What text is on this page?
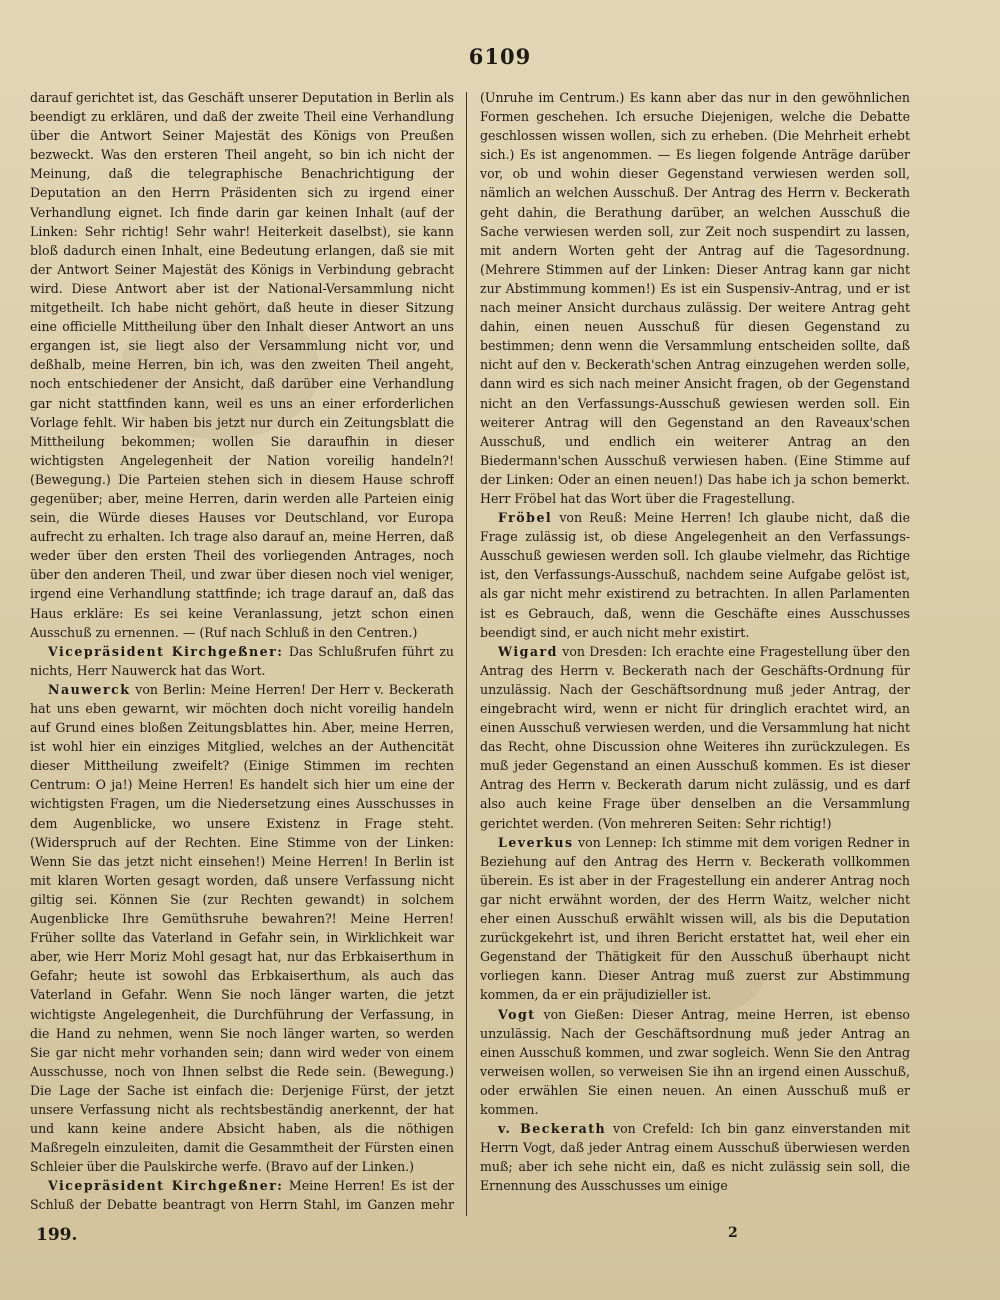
6109

darauf gerichtet ist, das Geschäft unserer Deputation in Berlin als beendigt zu erklären, und daß der zweite Theil eine Verhandlung über die Antwort Seiner Majestät des Königs von Preußen bezweckt. Was den ersteren Theil angeht, so bin ich nicht der Meinung, daß die telegraphische Benachrichtigung der Deputation an den Herrn Präsidenten sich zu irgend einer Verhandlung eignet. Ich finde darin gar keinen Inhalt (auf der Linken: Sehr richtig! Sehr wahr! Heiterkeit daselbst), sie kann bloß dadurch einen Inhalt, eine Bedeutung erlangen, daß sie mit der Antwort Seiner Majestät des Königs in Verbindung gebracht wird. Diese Antwort aber ist der National-Versammlung nicht mitgetheilt. Ich habe nicht gehört, daß heute in dieser Sitzung eine officielle Mittheilung über den Inhalt dieser Antwort an uns ergangen ist, sie liegt also der Versammlung nicht vor, und deßhalb, meine Herren, bin ich, was den zweiten Theil angeht, noch entschiedener der Ansicht, daß darüber eine Verhandlung gar nicht stattfinden kann, weil es uns an einer erforderlichen Vorlage fehlt. Wir haben bis jetzt nur durch ein Zeitungsblatt die Mittheilung bekommen; wollen Sie daraufhin in dieser wichtigsten Angelegenheit der Nation voreilig handeln?! (Bewegung.) Die Parteien stehen sich in diesem Hause schroff gegenüber; aber, meine Herren, darin werden alle Parteien einig sein, die Würde dieses Hauses vor Deutschland, vor Europa aufrecht zu erhalten. Ich trage also darauf an, meine Herren, daß weder über den ersten Theil des vorliegenden Antrages, noch über den anderen Theil, und zwar über diesen noch viel weniger, irgend eine Verhandlung stattfinde; ich trage darauf an, daß das Haus erkläre: Es sei keine Veranlassung, jetzt schon einen Ausschuß zu ernennen. — (Ruf nach Schluß in den Centren.)

Vicepräsident Kirchgeßner: Das Schlußrufen führt zu nichts, Herr Nauwerck hat das Wort.

Nauwerck von Berlin: Meine Herren! Der Herr v. Beckerath hat uns eben gewarnt, wir möchten doch nicht voreilig handeln auf Grund eines bloßen Zeitungsblattes hin. Aber, meine Herren, ist wohl hier ein einziges Mitglied, welches an der Authencität dieser Mittheilung zweifelt? (Einige Stimmen im rechten Centrum: O ja!) Meine Herren! Es handelt sich hier um eine der wichtigsten Fragen, um die Niedersetzung eines Ausschusses in dem Augenblicke, wo unsere Existenz in Frage steht. (Widerspruch auf der Rechten. Eine Stimme von der Linken: Wenn Sie das jetzt nicht einsehen!) Meine Herren! In Berlin ist mit klaren Worten gesagt worden, daß unsere Verfassung nicht giltig sei. Können Sie (zur Rechten gewandt) in solchem Augenblicke Ihre Gemüthsruhe bewahren?! Meine Herren! Früher sollte das Vaterland in Gefahr sein, in Wirklichkeit war aber, wie Herr Moriz Mohl gesagt hat, nur das Erbkaiserthum in Gefahr; heute ist sowohl das Erbkaiserthum, als auch das Vaterland in Gefahr. Wenn Sie noch länger warten, die jetzt wichtigste Angelegenheit, die Durchführung der Verfassung, in die Hand zu nehmen, wenn Sie noch länger warten, so werden Sie gar nicht mehr vorhanden sein; dann wird weder von einem Ausschusse, noch von Ihnen selbst die Rede sein. (Bewegung.) Die Lage der Sache ist einfach die: Derjenige Fürst, der jetzt unsere Verfassung nicht als rechtsbeständig anerkennt, der hat und kann keine andere Absicht haben, als die nöthigen Maßregeln einzuleiten, damit die Gesammtheit der Fürsten einen Schleier über die Paulskirche werfe. (Bravo auf der Linken.)

Vicepräsident Kirchgeßner: Meine Herren! Es ist der Schluß der Debatte beantragt von Herrn Stahl, im Ganzen mehr

(Unruhe im Centrum.) Es kann aber das nur in den gewöhnlichen Formen geschehen. Ich ersuche Diejenigen, welche die Debatte geschlossen wissen wollen, sich zu erheben. (Die Mehrheit erhebt sich.) Es ist angenommen. — Es liegen folgende Anträge darüber vor, ob und wohin dieser Gegenstand verwiesen werden soll, nämlich an welchen Ausschuß. Der Antrag des Herrn v. Beckerath geht dahin, die Berathung darüber, an welchen Ausschuß die Sache verwiesen werden soll, zur Zeit noch suspendirt zu lassen, mit andern Worten geht der Antrag auf die Tagesordnung. (Mehrere Stimmen auf der Linken: Dieser Antrag kann gar nicht zur Abstimmung kommen!) Es ist ein Suspensiv-Antrag, und er ist nach meiner Ansicht durchaus zulässig. Der weitere Antrag geht dahin, einen neuen Ausschuß für diesen Gegenstand zu bestimmen; denn wenn die Versammlung entscheiden sollte, daß nicht auf den v. Beckerath'schen Antrag einzugehen werden solle, dann wird es sich nach meiner Ansicht fragen, ob der Gegenstand nicht an den Verfassungs-Ausschuß gewiesen werden soll. Ein weiterer Antrag will den Gegenstand an den Raveaux'schen Ausschuß, und endlich ein weiterer Antrag an den Biedermann'schen Ausschuß verwiesen haben. (Eine Stimme auf der Linken: Oder an einen neuen!) Das habe ich ja schon bemerkt. Herr Fröbel hat das Wort über die Fragestellung.

Fröbel von Reuß: Meine Herren! Ich glaube nicht, daß die Frage zulässig ist, ob diese Angelegenheit an den Verfassungs-Ausschuß gewiesen werden soll. Ich glaube vielmehr, das Richtige ist, den Verfassungs-Ausschuß, nachdem seine Aufgabe gelöst ist, als gar nicht mehr existirend zu betrachten. In allen Parlamenten ist es Gebrauch, daß, wenn die Geschäfte eines Ausschusses beendigt sind, er auch nicht mehr existirt.

Wigard von Dresden: Ich erachte eine Fragestellung über den Antrag des Herrn v. Beckerath nach der Geschäfts-Ordnung für unzulässig. Nach der Geschäftsordnung muß jeder Antrag, der eingebracht wird, wenn er nicht für dringlich erachtet wird, an einen Ausschuß verwiesen werden, und die Versammlung hat nicht das Recht, ohne Discussion ohne Weiteres ihn zurückzulegen. Es muß jeder Gegenstand an einen Ausschuß kommen. Es ist dieser Antrag des Herrn v. Beckerath darum nicht zulässig, und es darf also auch keine Frage über denselben an die Versammlung gerichtet werden. (Von mehreren Seiten: Sehr richtig!)

Leverkus von Lennep: Ich stimme mit dem vorigen Redner in Beziehung auf den Antrag des Herrn v. Beckerath vollkommen überein. Es ist aber in der Fragestellung ein anderer Antrag noch gar nicht erwähnt worden, der des Herrn Waitz, welcher nicht eher einen Ausschuß erwählt wissen will, als bis die Deputation zurückgekehrt ist, und ihren Bericht erstattet hat, weil eher ein Gegenstand der Thätigkeit für den Ausschuß überhaupt nicht vorliegen kann. Dieser Antrag muß zuerst zur Abstimmung kommen, da er ein präjudizieller ist.

Vogt von Gießen: Dieser Antrag, meine Herren, ist ebenso unzulässig. Nach der Geschäftsordnung muß jeder Antrag an einen Ausschuß kommen, und zwar sogleich. Wenn Sie den Antrag verweisen wollen, so verweisen Sie ihn an irgend einen Ausschuß, oder erwählen Sie einen neuen. An einen Ausschuß muß er kommen.

v. Beckerath von Crefeld: Ich bin ganz einverstanden mit Herrn Vogt, daß jeder Antrag einem Ausschuß überwiesen werden muß; aber ich sehe nicht ein, daß es nicht zulässig sein soll, die Ernennung des Ausschusses um einige

199.	2
